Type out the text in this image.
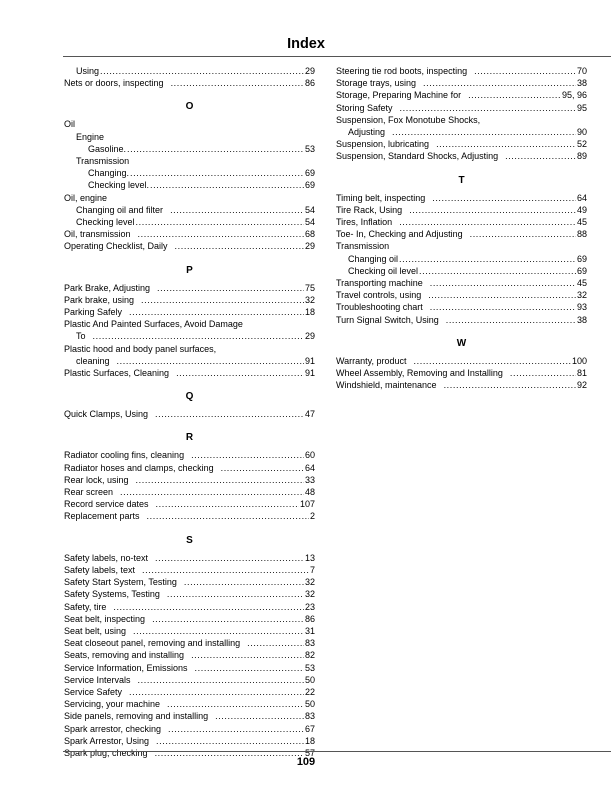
Index
Using .....	29
Nets or doors, inspecting .....	86
O
Oil
Engine
Gasoline. .....	53
Transmission
Changing. .....	69
Checking level. .....	69
Oil, engine
Changing oil and filter .....	54
Checking level .....	54
Oil, transmission .....	68
Operating Checklist, Daily .....	29
P
Park Brake, Adjusting .....	75
Park brake, using .....	32
Parking Safely .....	18
Plastic And Painted Surfaces, Avoid Damage
To .....	29
Plastic hood and body panel surfaces,
cleaning .....	91
Plastic Surfaces, Cleaning .....	91
Q
Quick Clamps, Using .....	47
R
Radiator cooling fins, cleaning .....	60
Radiator hoses and clamps, checking .....	64
Rear lock, using .....	33
Rear screen .....	48
Record service dates .....	107
Replacement parts .....	2
S
Safety labels, no-text .....	13
Safety labels, text .....	7
Safety Start System, Testing .....	32
Safety Systems, Testing .....	32
Safety, tire .....	23
Seat belt, inspecting .....	86
Seat belt, using .....	31
Seat closeout panel, removing and installing .....	83
Seats, removing and installing .....	82
Service Information, Emissions .....	53
Service Intervals .....	50
Service Safety .....	22
Servicing, your machine .....	50
Side panels, removing and installing .....	83
Spark arrestor, checking .....	67
Spark Arrestor, Using .....	18
Spark plug, checking .....	57
Steering tie rod boots, inspecting .....	70
Storage trays, using .....	38
Storage, Preparing Machine for .....	95, 96
Storing Safety .....	95
Suspension, Fox Monotube Shocks,
Adjusting .....	90
Suspension, lubricating .....	52
Suspension, Standard Shocks, Adjusting .....	89
T
Timing belt, inspecting .....	64
Tire Rack, Using .....	49
Tires, Inflation .....	45
Toe- In, Checking and Adjusting .....	88
Transmission
Changing oil .....	69
Checking oil level .....	69
Transporting machine .....	45
Travel controls, using .....	32
Troubleshooting chart .....	93
Turn Signal Switch, Using .....	38
W
Warranty, product .....	100
Wheel Assembly, Removing and Installing .....	81
Windshield, maintenance .....	92
109
